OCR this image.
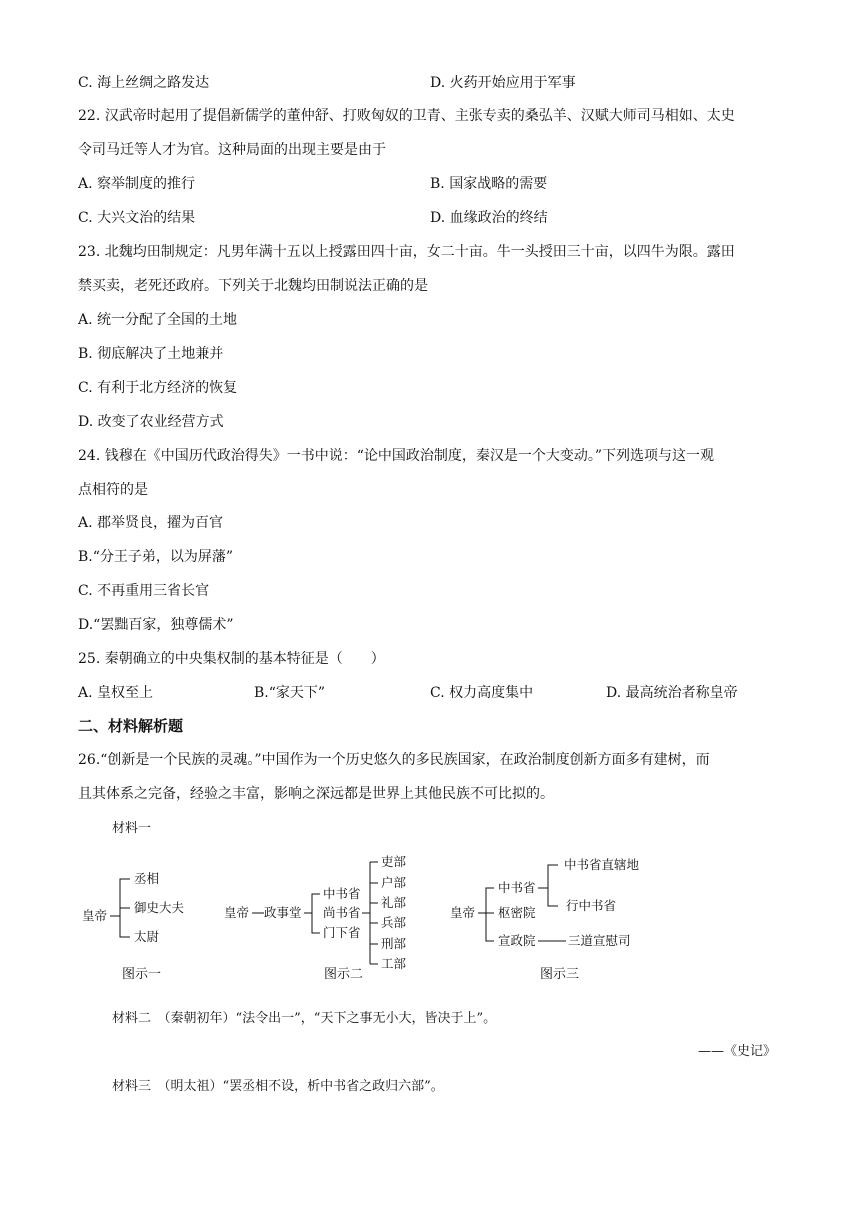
C. 海上丝绸之路发达	D. 火药开始应用于军事
22. 汉武帝时起用了提倡新儒学的董仲舒、打败匈奴的卫青、主张专卖的桑弘羊、汉赋大师司马相如、太史
令司马迁等人才为官。这种局面的出现主要是由于
A. 察举制度的推行	B. 国家战略的需要
C. 大兴文治的结果	D. 血缘政治的终结
23. 北魏均田制规定：凡男年满十五以上授露田四十亩，女二十亩。牛一头授田三十亩，以四牛为限。露田
禁买卖，老死还政府。下列关于北魏均田制说法正确的是
A. 统一分配了全国的土地
B. 彻底解决了土地兼并
C. 有利于北方经济的恢复
D. 改变了农业经营方式
24. 钱穆在《中国历代政治得失》一书中说：“论中国政治制度，秦汉是一个大变动。”下列选项与这一观
点相符的是
A. 郡举贤良，擢为百官
B.“分王子弟，以为屏藩”
C. 不再重用三省长官
D.“罢黜百家，独尊儒术”
25. 秦朝确立的中央集权制的基本特征是（　　）
A. 皇权至上	B.“家天下”	C. 权力高度集中	D. 最高统治者称皇帝
二、材料解析题
26.“创新是一个民族的灵魂。”中国作为一个历史悠久的多民族国家，在政治制度创新方面多有建树，而
且其体系之完备，经验之丰富，影响之深远都是世界上其他民族不可比拟的。
材料一
皇帝
丞相
御史大夫
太尉
图示一
皇帝 政事堂
中书省
尚书省
门下省
吏部
户部
礼部
兵部
刑部
工部
图示二
皇帝
中书省
枢密院
宣政院
中书省直辖地
行中书省
三道宣慰司
图示三
材料二　（秦朝初年）“法令出一”，“天下之事无小大，皆决于上”。
——《史记》
材料三　（明太祖）“罢丞相不设，析中书省之政归六部”。
